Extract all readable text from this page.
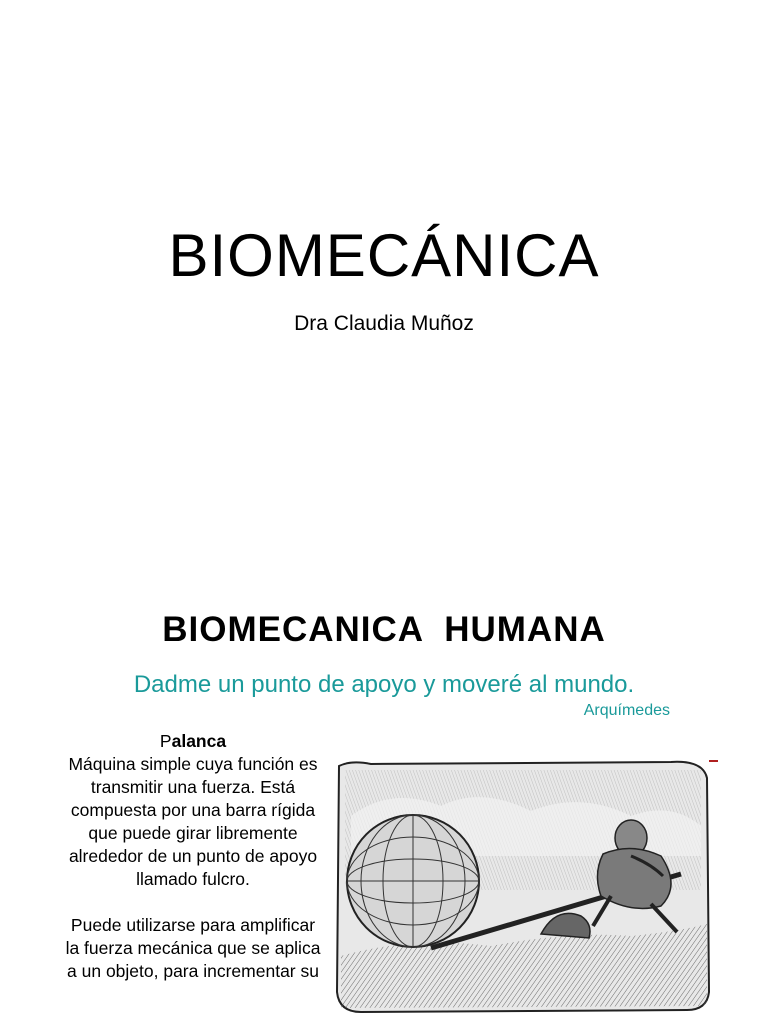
BIOMECÁNICA
Dra Claudia Muñoz
BIOMECANICA  HUMANA
Dadme un punto de apoyo y moveré al mundo.
Arquímedes

Palanca
Máquina simple cuya función es transmitir una fuerza. Está compuesta por una barra rígida que puede girar libremente alrededor de un punto de apoyo llamado fulcro.

Puede utilizarse para amplificar la fuerza mecánica que se aplica a un objeto, para incrementar su
